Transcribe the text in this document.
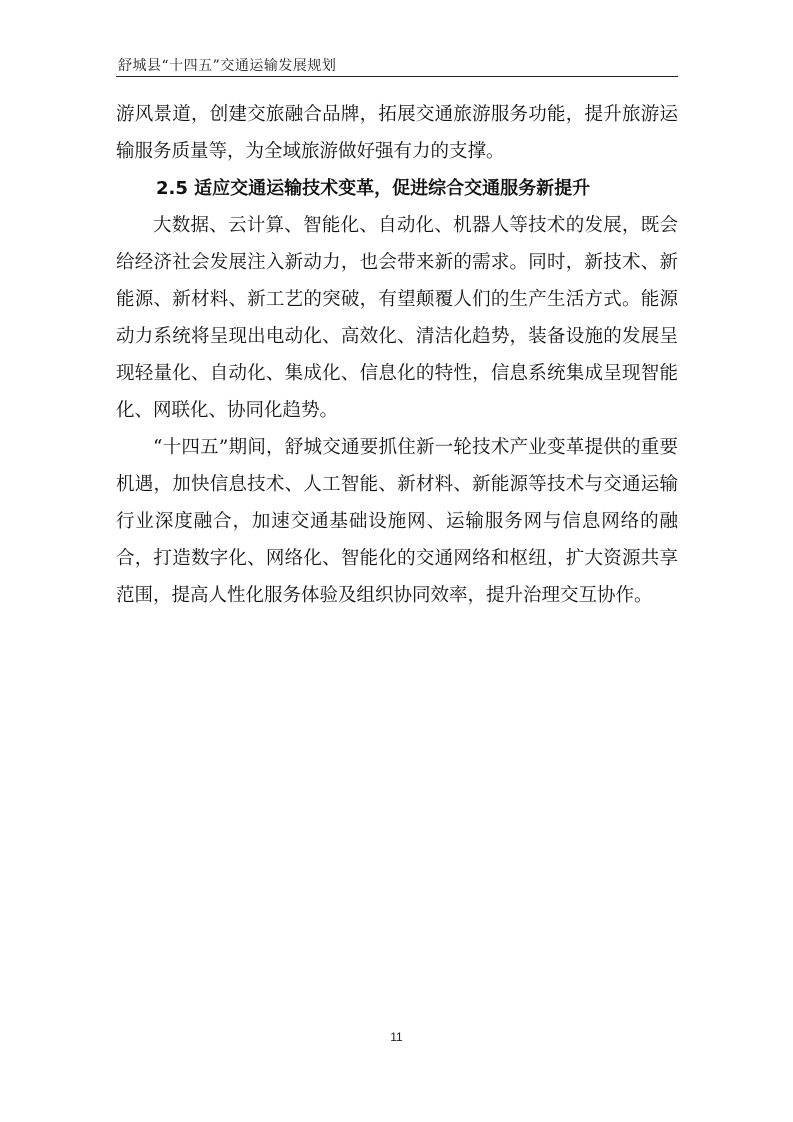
舒城县“十四五”交通运输发展规划

游风景道，创建交旅融合品牌，拓展交通旅游服务功能，提升旅游运输服务质量等，为全域旅游做好强有力的支撑。

2.5 适应交通运输技术变革，促进综合交通服务新提升

大数据、云计算、智能化、自动化、机器人等技术的发展，既会给经济社会发展注入新动力，也会带来新的需求。同时，新技术、新能源、新材料、新工艺的突破，有望颠覆人们的生产生活方式。能源动力系统将呈现出电动化、高效化、清洁化趋势，装备设施的发展呈现轻量化、自动化、集成化、信息化的特性，信息系统集成呈现智能化、网联化、协同化趋势。

“十四五”期间，舒城交通要抓住新一轮技术产业变革提供的重要机遇，加快信息技术、人工智能、新材料、新能源等技术与交通运输行业深度融合，加速交通基础设施网、运输服务网与信息网络的融合，打造数字化、网络化、智能化的交通网络和枢纽，扩大资源共享范围，提高人性化服务体验及组织协同效率，提升治理交互协作。

11
